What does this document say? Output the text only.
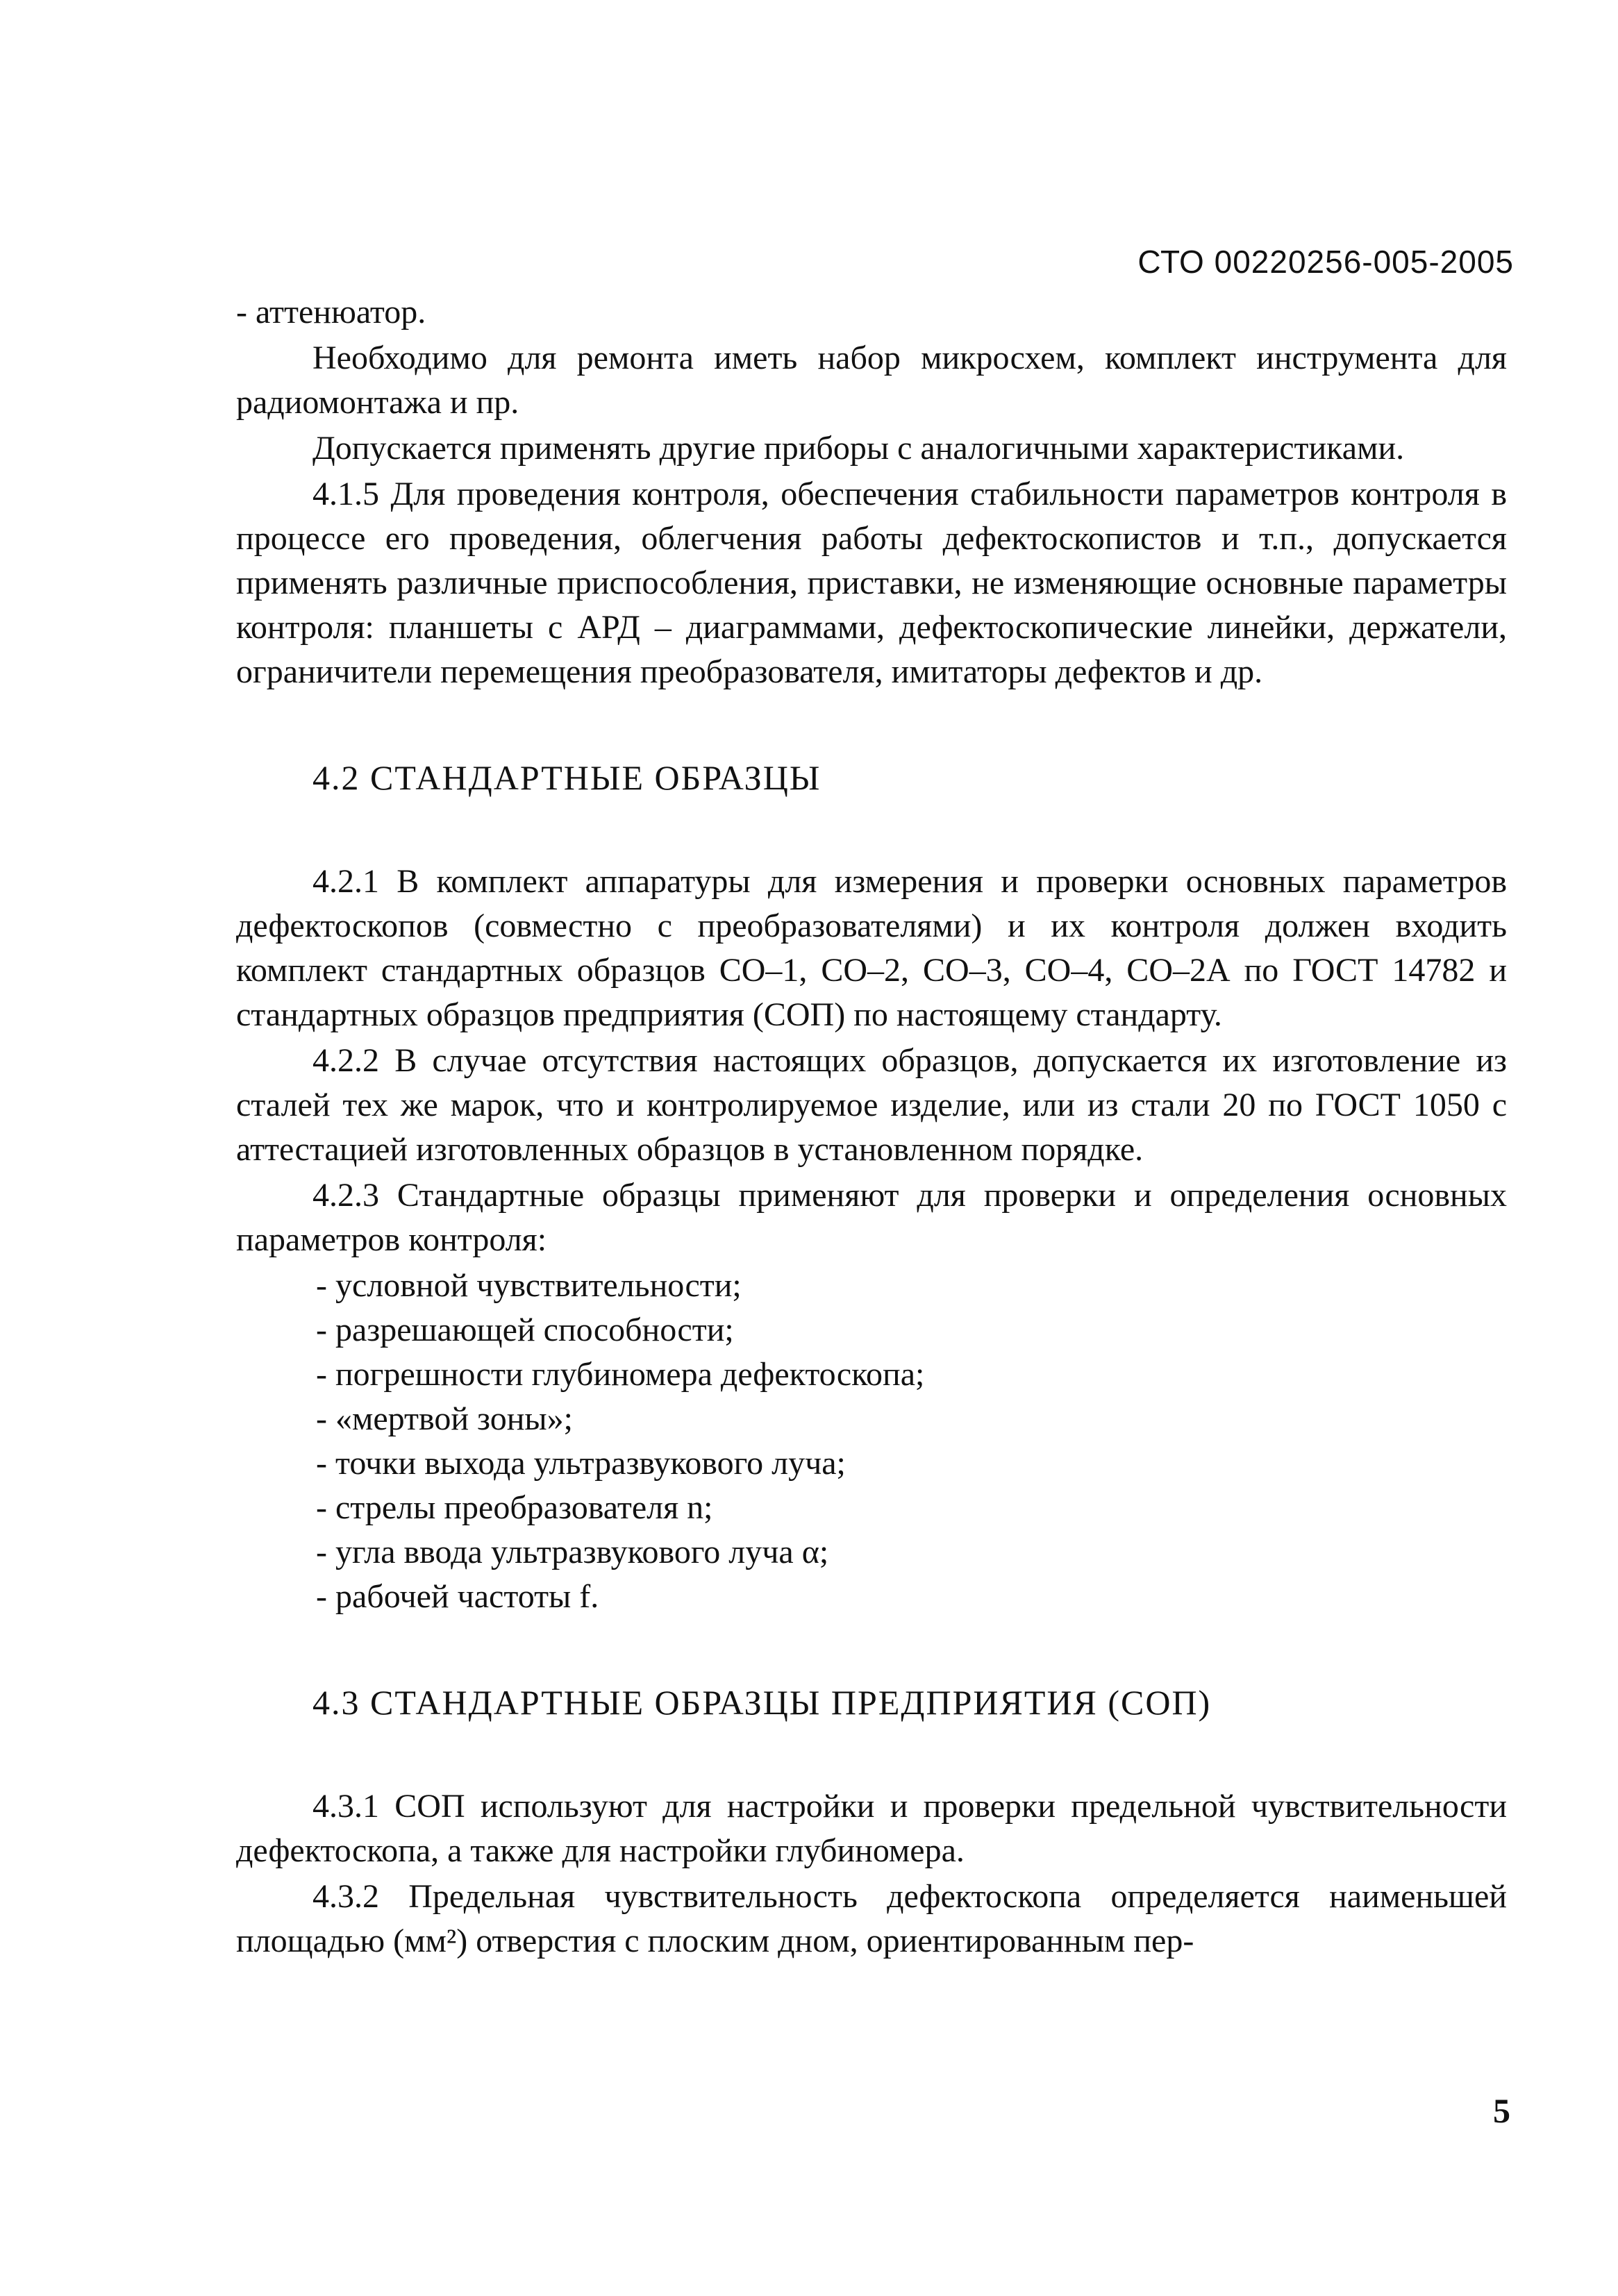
СТО 00220256-005-2005

- аттенюатор.

Необходимо для ремонта иметь набор микросхем, комплект инструмента для радиомонтажа и пр.

Допускается применять другие приборы с аналогичными характеристиками.

4.1.5 Для проведения контроля, обеспечения стабильности параметров контроля в процессе его проведения, облегчения работы дефектоскопистов и т.п., допускается применять различные приспособления, приставки, не изменяющие основные параметры контроля: планшеты с АРД – диаграммами, дефектоскопические линейки, держатели, ограничители перемещения преобразователя, имитаторы дефектов и др.

4.2 СТАНДАРТНЫЕ ОБРАЗЦЫ

4.2.1 В комплект аппаратуры для измерения и проверки основных параметров дефектоскопов (совместно с преобразователями) и их контроля должен входить комплект стандартных образцов СО–1, СО–2, СО–3, СО–4, СО–2А по ГОСТ 14782 и стандартных образцов предприятия (СОП) по настоящему стандарту.

4.2.2 В случае отсутствия настоящих образцов, допускается их изготовление из сталей тех же марок, что и контролируемое изделие, или из стали 20 по ГОСТ 1050 с аттестацией изготовленных образцов в установленном порядке.

4.2.3 Стандартные образцы применяют для проверки и определения основных параметров контроля:

- условной чувствительности;

- разрешающей способности;

- погрешности глубиномера дефектоскопа;

- «мертвой зоны»;

- точки выхода ультразвукового луча;

- стрелы преобразователя n;

- угла ввода ультразвукового луча α;

- рабочей частоты f.

4.3 СТАНДАРТНЫЕ ОБРАЗЦЫ ПРЕДПРИЯТИЯ (СОП)

4.3.1 СОП используют для настройки и проверки предельной чувствительности дефектоскопа, а также для настройки глубиномера.

4.3.2 Предельная чувствительность дефектоскопа определяется наименьшей площадью (мм²) отверстия с плоским дном, ориентированным пер-

5
